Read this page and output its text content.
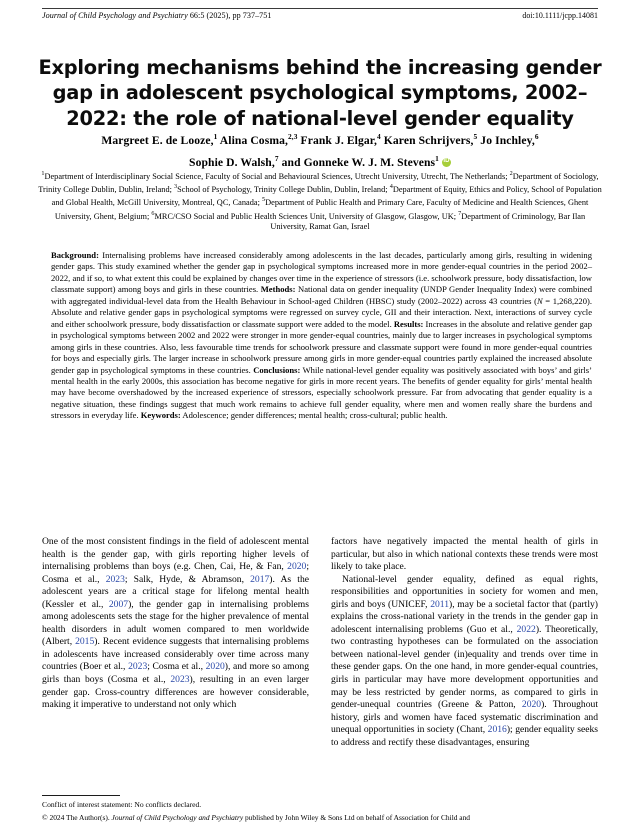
Journal of Child Psychology and Psychiatry 66:5 (2025), pp 737–751	doi:10.1111/jcpp.14081
Exploring mechanisms behind the increasing gender gap in adolescent psychological symptoms, 2002–2022: the role of national-level gender equality
Margreet E. de Looze,$^1$ Alina Cosma,$^{2,3}$ Frank J. Elgar,$^4$ Karen Schrijvers,$^5$ Jo Inchley,$^6$
Sophie D. Walsh,$^7$ and Gonneke W. J. M. Stevens$^1$iD
$^1$Department of Interdisciplinary Social Science, Faculty of Social and Behavioural Sciences, Utrecht University, Utrecht, The Netherlands; $^2$Department of Sociology, Trinity College Dublin, Dublin, Ireland; $^3$School of Psychology, Trinity College Dublin, Dublin, Ireland; $^4$Department of Equity, Ethics and Policy, School of Population and Global Health, McGill University, Montreal, QC, Canada; $^5$Department of Public Health and Primary Care, Faculty of Medicine and Health Sciences, Ghent University, Ghent, Belgium; $^6$MRC/CSO Social and Public Health Sciences Unit, University of Glasgow, Glasgow, UK; $^7$Department of Criminology, Bar Ilan University, Ramat Gan, Israel
Background: Internalising problems have increased considerably among adolescents in the last decades, particularly among girls, resulting in widening gender gaps. This study examined whether the gender gap in psychological symptoms increased more in more gender-equal countries in the period 2002–2022, and if so, to what extent this could be explained by changes over time in the experience of stressors (i.e. schoolwork pressure, body dissatisfaction, low classmate support) among boys and girls in these countries. Methods: National data on gender inequality (UNDP Gender Inequality Index) were combined with aggregated individual-level data from the Health Behaviour in School-aged Children (HBSC) study (2002–2022) across 43 countries (N = 1,268,220). Absolute and relative gender gaps in psychological symptoms were regressed on survey cycle, GII and their interaction. Next, interactions of survey cycle and either schoolwork pressure, body dissatisfaction or classmate support were added to the model. Results: Increases in the absolute and relative gender gap in psychological symptoms between 2002 and 2022 were stronger in more gender-equal countries, mainly due to larger increases in psychological symptoms among girls in these countries. Also, less favourable time trends for schoolwork pressure and classmate support were found in more gender-equal countries for boys and especially girls. The larger increase in schoolwork pressure among girls in more gender-equal countries partly explained the increased absolute gender gap in psychological symptoms in these countries. Conclusions: While national-level gender equality was positively associated with boys’ and girls’ mental health in the early 2000s, this association has become negative for girls in more recent years. The benefits of gender equality for girls’ mental health may have become overshadowed by the increased experience of stressors, especially schoolwork pressure. Far from advocating that gender equality is a negative situation, these findings suggest that much work remains to achieve full gender equality, where men and women really share the burdens and stressors in everyday life. Keywords: Adolescence; gender differences; mental health; cross-cultural; public health.

One of the most consistent findings in the field of adolescent mental health is the gender gap, with girls reporting higher levels of internalising problems than boys (e.g. Chen, Cai, He, & Fan, 2020; Cosma et al., 2023; Salk, Hyde, & Abramson, 2017). As the adolescent years are a critical stage for lifelong mental health (Kessler et al., 2007), the gender gap in internalising problems among adolescents sets the stage for the higher prevalence of mental health disorders in adult women compared to men worldwide (Albert, 2015). Recent evidence suggests that internalising problems in adolescents have increased considerably over time across many countries (Boer et al., 2023; Cosma et al., 2020), and more so among girls than boys (Cosma et al., 2023), resulting in an even larger gender gap. Cross-country differences are however considerable, making it imperative to understand not only which

factors have negatively impacted the mental health of girls in particular, but also in which national contexts these trends were most likely to take place.

National-level gender equality, defined as equal rights, responsibilities and opportunities in society for women and men, girls and boys (UNICEF, 2011), may be a societal factor that (partly) explains the cross-national variety in the trends in the gender gap in adolescent internalising problems (Guo et al., 2022). Theoretically, two contrasting hypotheses can be formulated on the association between national-level gender (in)equality and trends over time in these gender gaps. On the one hand, in more gender-equal countries, girls in particular may have more development opportunities and may be less restricted by gender norms, as compared to girls in gender-unequal countries (Greene & Patton, 2020). Throughout history, girls and women have faced systematic discrimination and unequal opportunities in society (Chant, 2016); gender equality seeks to address and rectify these disadvantages, ensuring

Conflict of interest statement: No conflicts declared.
© 2024 The Author(s). Journal of Child Psychology and Psychiatry published by John Wiley & Sons Ltd on behalf of Association for Child and
